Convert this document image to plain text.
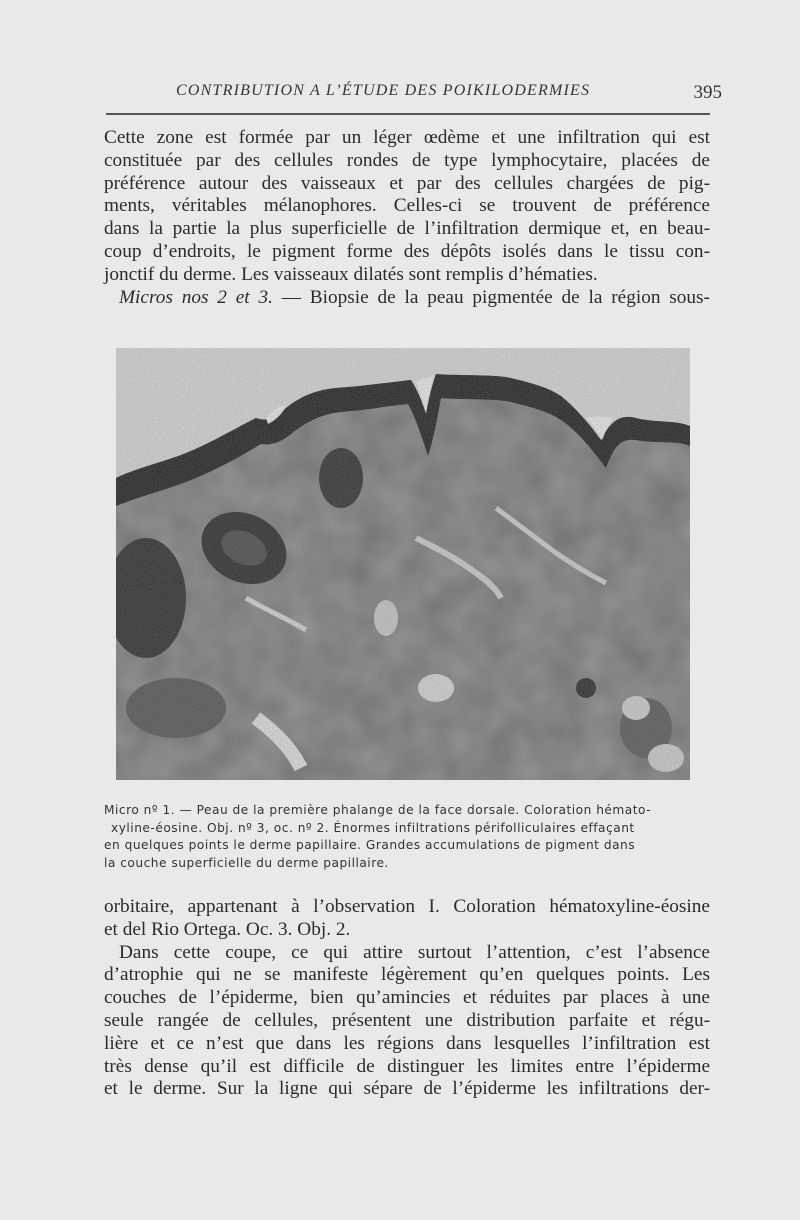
CONTRIBUTION A L’ÉTUDE DES POIKILODERMIES	395

Cette zone est formée par un léger œdème et une infiltration qui est

constituée par des cellules rondes de type lymphocytaire, placées de

préférence autour des vaisseaux et par des cellules chargées de pig-

ments, véritables mélanophores. Celles-ci se trouvent de préférence

dans la partie la plus superficielle de l’infiltration dermique et, en beau-

coup d’endroits, le pigment forme des dépôts isolés dans le tissu con-

jonctif du derme. Les vaisseaux dilatés sont remplis d’hématies.

Micros nos 2 et 3. — Biopsie de la peau pigmentée de la région sous-

Micro nº 1. — Peau de la première phalange de la face dorsale. Coloration hémato-
xyline-éosine. Obj. nº 3, oc. nº 2. Énormes infiltrations périfolliculaires effaçant
en quelques points le derme papillaire. Grandes accumulations de pigment dans
la couche superficielle du derme papillaire.

orbitaire, appartenant à l’observation I. Coloration hématoxyline-éosine

et del Rio Ortega. Oc. 3. Obj. 2.

Dans cette coupe, ce qui attire surtout l’attention, c’est l’absence

d’atrophie qui ne se manifeste légèrement qu’en quelques points. Les

couches de l’épiderme, bien qu’amincies et réduites par places à une

seule rangée de cellules, présentent une distribution parfaite et régu-

lière et ce n’est que dans les régions dans lesquelles l’infiltration est

très dense qu’il est difficile de distinguer les limites entre l’épiderme

et le derme. Sur la ligne qui sépare de l’épiderme les infiltrations der-
